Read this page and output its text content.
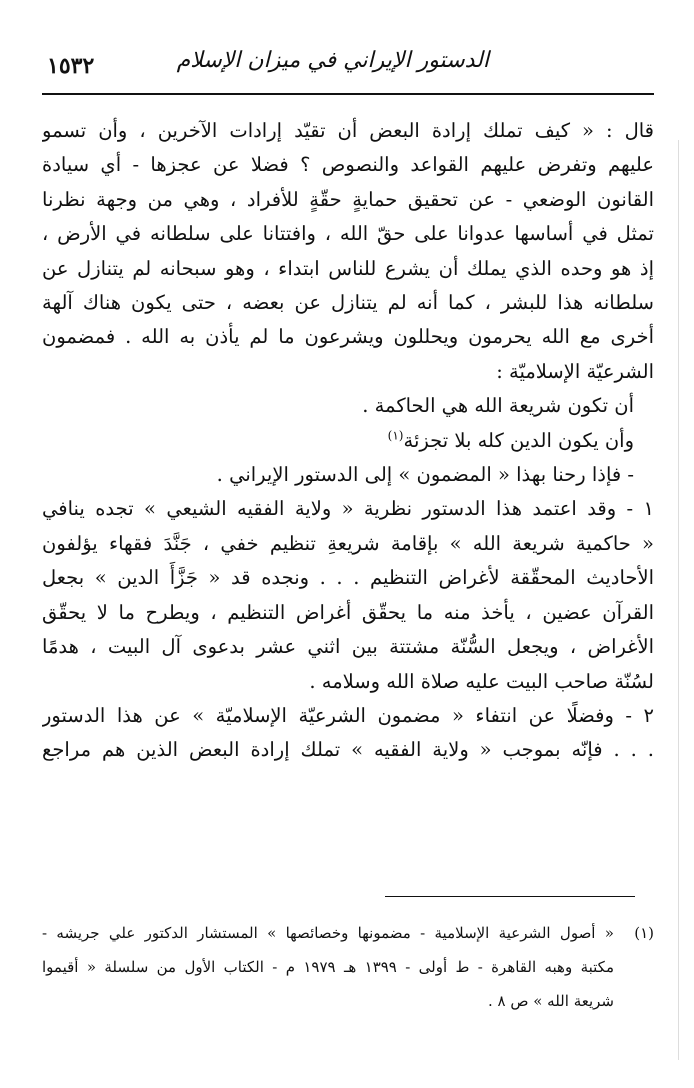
الدستور الإيراني في ميزان الإسلام
١٥٣٢
قال : « كيف تملك إرادة البعض أن تقيّد إرادات الآخرين ، وأن تسمو
عليهم وتفرض عليهم القواعد والنصوص ؟ فضلا عن عجزها - أي سيادة
القانون الوضعي - عن تحقيق حمايةٍ حقّةٍ للأفراد ، وهي من وجهة نظرنا
تمثل في أساسها عدوانا على حقّ الله ، وافتتانا على سلطانه في الأرض ،
إذ هو وحده الذي يملك أن يشرع للناس ابتداء ، وهو سبحانه لم يتنازل عن
سلطانه هذا للبشر ، كما أنه لم يتنازل عن بعضه ، حتى يكون هناك آلهة
أخرى مع الله يحرمون ويحللون ويشرعون ما لم يأذن به الله . فمضمون
الشرعيّة الإسلاميّة :
أن تكون شريعة الله هي الحاكمة .
وأن يكون الدين كله بلا تجزئة$^{(١)}$
- فإذا رحنا بهذا « المضمون » إلى الدستور الإيراني .
١ - وقد اعتمد هذا الدستور نظرية « ولاية الفقيه الشيعي » تجده ينافي
« حاكمية شريعة الله » بإقامة شريعةِ تنظيم خفي ، جَنَّدَ فقهاء يؤلفون
الأحاديث المحقّقة لأغراض التنظيم . . . ونجده قد « جَزَّأَ الدين » بجعل
القرآن عضين ، يأخذ منه ما يحقّق أغراض التنظيم ، ويطرح ما لا يحقّق
الأغراض ، ويجعل السُّنّة مشتتة بين اثني عشر بدعوى آل البيت ، هدمًا
لسُنّة صاحب البيت عليه صلاة الله وسلامه .
٢ - وفضلًا عن انتفاء « مضمون الشرعيّة الإسلاميّة » عن هذا الدستور
. . . فإنّه بموجب « ولاية الفقيه » تملك إرادة البعض الذين هم مراجع
(١)« أصول الشرعية الإسلامية - مضمونها وخصائصها » المستشار الدكتور علي جريشه -
مكتبة وهبه القاهرة - ط أولى - ١٣٩٩ هـ ١٩٧٩ م - الكتاب الأول من سلسلة « أقيموا
شريعة الله » ص ٨ .
